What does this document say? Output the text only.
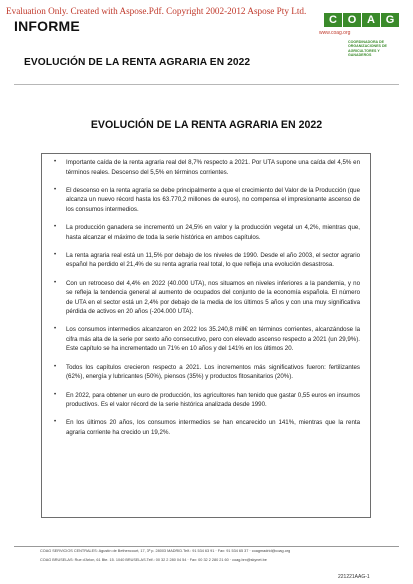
Evaluation Only. Created with Aspose.Pdf. Copyright 2002-2012 Aspose Pty Ltd.
INFORME	C O A G
www.coag.org
COORDINADORA DE ORGANIZACIONES DE AGRICULTORES Y GANADEROS
EVOLUCIÓN DE LA RENTA AGRARIA EN 2022
EVOLUCIÓN DE LA RENTA AGRARIA EN 2022
• Importante caída de la renta agraria real del 8,7% respecto a 2021. Por UTA supone una caída del 4,5% en términos reales. Descenso del 5,5% en términos corrientes.
• El descenso en la renta agraria se debe principalmente a que el crecimiento del Valor de la Producción (que alcanza un nuevo récord hasta los 63.770,2 millones de euros), no compensa el impresionante ascenso de los consumos intermedios.
• La producción ganadera se incrementó un 24,5% en valor y la producción vegetal un 4,2%, mientras que, hasta alcanzar el máximo de toda la serie histórica en ambos capítulos.
• La renta agraria real está un 11,5% por debajo de los niveles de 1990. Desde el año 2003, el sector agrario español ha perdido el 21,4% de su renta agraria real total, lo que refleja una evolución desastrosa.
• Con un retroceso del 4,4% en 2022 (40.000 UTA), nos situamos en niveles inferiores a la pandemia, y no se refleja la tendencia general al aumento de ocupados del conjunto de la economía española. El número de UTA en el sector está un 2,4% por debajo de la media de los últimos 5 años y con una muy significativa pérdida de activos en 20 años (-204.000 UTA).
• Los consumos intermedios alcanzaron en 2022 los 35.240,8 mill€ en términos corrientes, alcanzándose la cifra más alta de la serie por sexto año consecutivo, pero con elevado ascenso respecto a 2021 (un 29,9%). Este capítulo se ha incrementado un 71% en 10 años y del 141% en los últimos 20.
• Todos los capítulos crecieron respecto a 2021. Los incrementos más significativos fueron: fertilizantes (62%), energía y lubricantes (50%), piensos (35%) y productos fitosanitarios (20%).
• En 2022, para obtener un euro de producción, los agricultores han tenido que gastar 0,55 euros en insumos productivos. Es el valor récord de la serie histórica analizada desde 1990.
• En los últimos 20 años, los consumos intermedios se han encarecido un 141%, mientras que la renta agraria corriente ha crecido un 19,2%.
COAG SERVICIOS CENTRALES: Agustín de Bethencourt, 17, 3º p. 28003 MADRID.Telf.: 91 534 63 91 · Fax: 91 534 65 37 · coagmadrid@coag.org
COAG BRUSELAS: Rue d'Arlon, 61 Bte. 15. 1040 BRUSELAS.Telf.: 00 32 2 280 04 54 · Fax: 00 32 2 280 21 60 · coag.brx@skynet.be
221221AAG-1
